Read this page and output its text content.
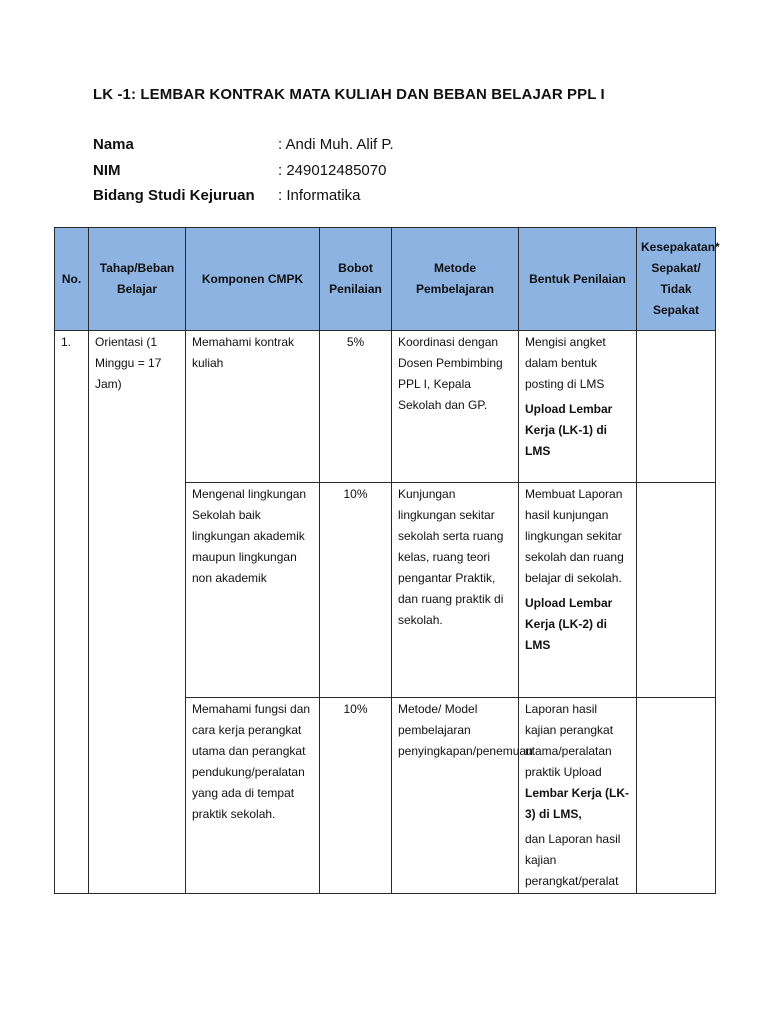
LK -1: LEMBAR KONTRAK MATA KULIAH DAN BEBAN BELAJAR PPL I
Nama	: Andi Muh. Alif P.
NIM	: 249012485070
Bidang Studi Kejuruan : Informatika
No.	Tahap/Beban Belajar	Komponen CMPK	Bobot Penilaian	Metode Pembelajaran	Bentuk Penilaian	Kesepakatan* Sepakat/ Tidak Sepakat
1.	Orientasi (1 Minggu = 17 Jam)	Memahami kontrak kuliah	5%	Koordinasi dengan Dosen Pembimbing PPL I, Kepala Sekolah dan GP.	Mengisi angket dalam bentuk posting di LMS
Upload Lembar Kerja (LK-1) di LMS	

		Mengenal lingkungan Sekolah baik lingkungan akademik maupun lingkungan non akademik	10%	Kunjungan lingkungan sekitar sekolah serta ruang kelas, ruang teori pengantar Praktik, dan ruang praktik di sekolah.	Membuat Laporan hasil kunjungan lingkungan sekitar sekolah dan ruang belajar di sekolah.
Upload Lembar Kerja (LK-2) di LMS	

		Memahami fungsi dan cara kerja perangkat utama dan perangkat pendukung/peralatan yang ada di tempat praktik sekolah.	10%	Metode/ Model pembelajaran penyingkapan/penemuan	Laporan hasil kajian perangkat utama/peralatan praktik Upload
Lembar Kerja (LK-3) di LMS,
dan Laporan hasil kajian perangkat/peralat	
